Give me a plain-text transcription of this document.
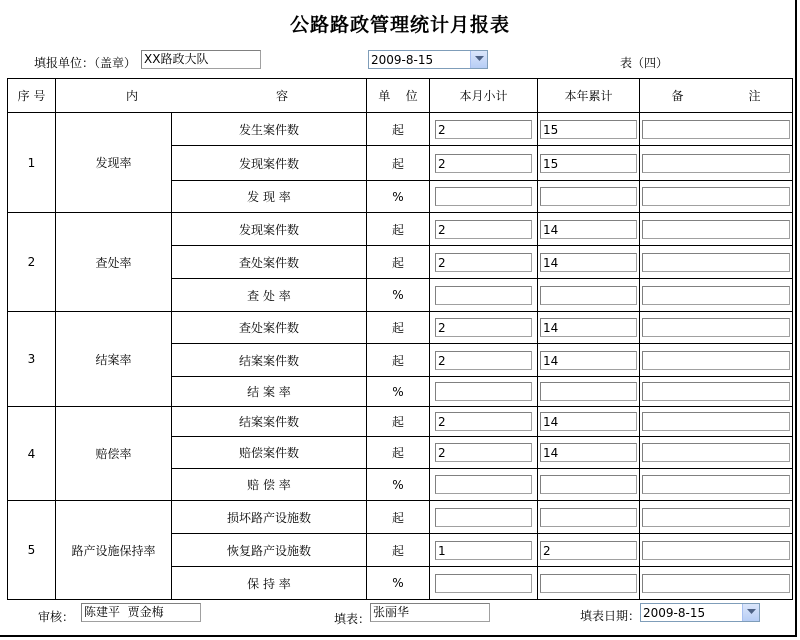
公路路政管理统计月报表
填报单位：（盖章） XX路政大队	2009-8-15	表（四）
序 号	内 容		单    位	本月小计	本年累计	备 注
1	发现率	发生案件数	起	2	15	

		发现案件数	起	2	15	

		发 现 率	%	

2	查处率	发现案件数	起	2	14	

		查处案件数	起	2	14	

		查 处 率	%	

3	结案率	查处案件数	起	2	14	

		结案案件数	起	2	14	

		结 案 率	%	

4	赔偿率	结案案件数	起	2	14	

		赔偿案件数	起	2	14	

		赔 偿 率	%	

5	路产设施保持率	损坏路产设施数	起	

		恢复路产设施数	起	1	2	

		保 持 率	%	

审核： 陈建平  贾金梅	填表： 张丽华	填表日期： 2009-8-15
